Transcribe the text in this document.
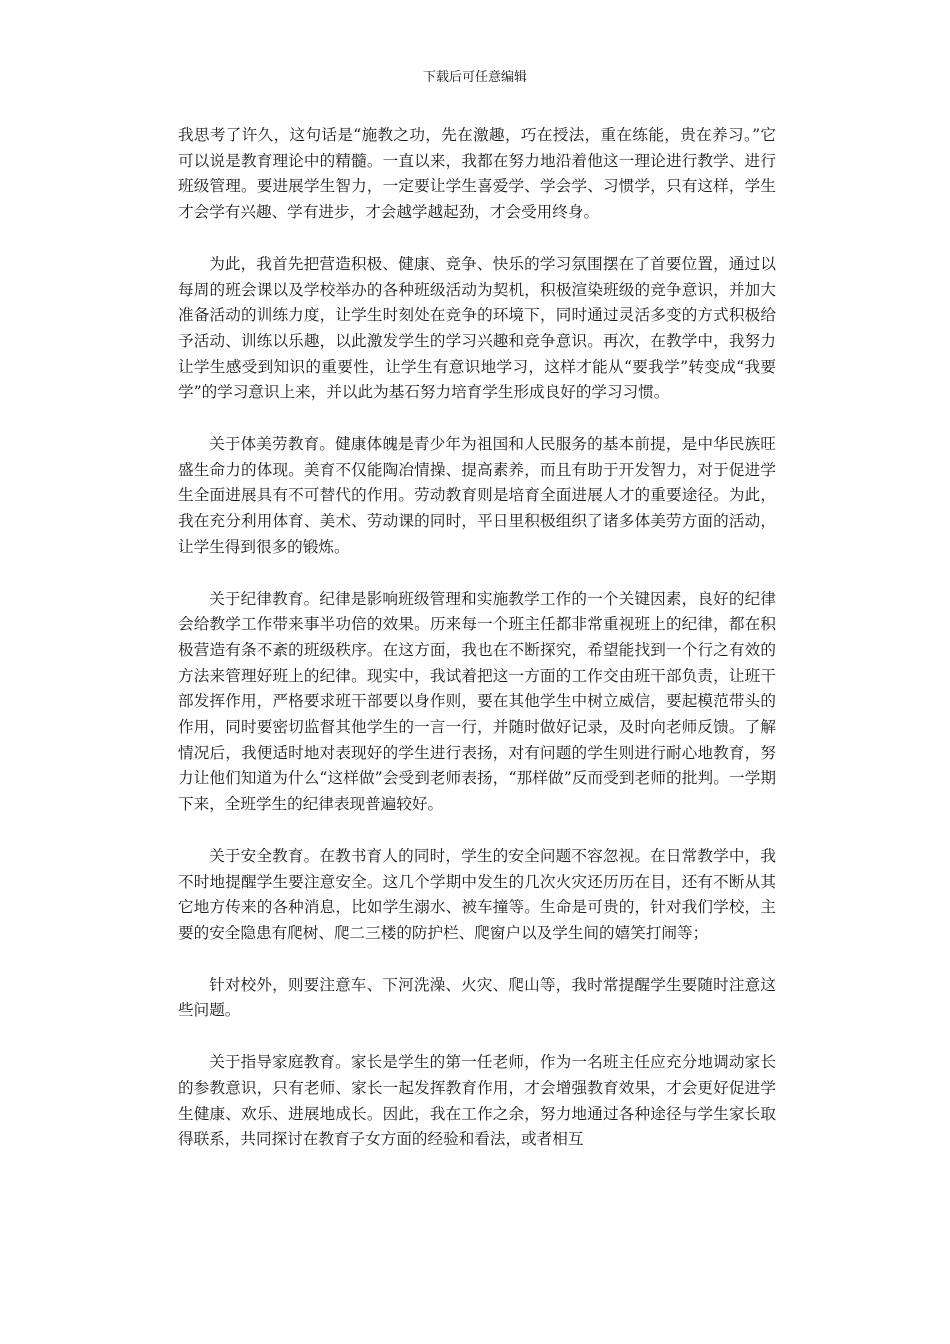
下载后可任意编辑

我思考了许久，这句话是“施教之功，先在激趣，巧在授法，重在练能，贵在养习。”它可以说是教育理论中的精髓。一直以来，我都在努力地沿着他这一理论进行教学、进行班级管理。要进展学生智力，一定要让学生喜爱学、学会学、习惯学，只有这样，学生才会学有兴趣、学有进步，才会越学越起劲，才会受用终身。

为此，我首先把营造积极、健康、竞争、快乐的学习氛围摆在了首要位置，通过以每周的班会课以及学校举办的各种班级活动为契机，积极渲染班级的竞争意识，并加大准备活动的训练力度，让学生时刻处在竞争的环境下，同时通过灵活多变的方式积极给予活动、训练以乐趣，以此激发学生的学习兴趣和竞争意识。再次，在教学中，我努力让学生感受到知识的重要性，让学生有意识地学习，这样才能从“要我学”转变成“我要学”的学习意识上来，并以此为基石努力培育学生形成良好的学习习惯。

关于体美劳教育。健康体魄是青少年为祖国和人民服务的基本前提，是中华民族旺盛生命力的体现。美育不仅能陶冶情操、提高素养，而且有助于开发智力，对于促进学生全面进展具有不可替代的作用。劳动教育则是培育全面进展人才的重要途径。为此，我在充分利用体育、美术、劳动课的同时，平日里积极组织了诸多体美劳方面的活动，让学生得到很多的锻炼。

关于纪律教育。纪律是影响班级管理和实施教学工作的一个关键因素，良好的纪律会给教学工作带来事半功倍的效果。历来每一个班主任都非常重视班上的纪律，都在积极营造有条不紊的班级秩序。在这方面，我也在不断探究，希望能找到一个行之有效的方法来管理好班上的纪律。现实中，我试着把这一方面的工作交由班干部负责，让班干部发挥作用，严格要求班干部要以身作则，要在其他学生中树立威信，要起模范带头的作用，同时要密切监督其他学生的一言一行，并随时做好记录，及时向老师反馈。了解情况后，我便适时地对表现好的学生进行表扬，对有问题的学生则进行耐心地教育，努力让他们知道为什么“这样做”会受到老师表扬，“那样做”反而受到老师的批判。一学期下来，全班学生的纪律表现普遍较好。

关于安全教育。在教书育人的同时，学生的安全问题不容忽视。在日常教学中，我不时地提醒学生要注意安全。这几个学期中发生的几次火灾还历历在目，还有不断从其它地方传来的各种消息，比如学生溺水、被车撞等。生命是可贵的，针对我们学校，主要的安全隐患有爬树、爬二三楼的防护栏、爬窗户以及学生间的嬉笑打闹等；

针对校外，则要注意车、下河洗澡、火灾、爬山等，我时常提醒学生要随时注意这些问题。

关于指导家庭教育。家长是学生的第一任老师，作为一名班主任应充分地调动家长的参教意识，只有老师、家长一起发挥教育作用，才会增强教育效果，才会更好促进学生健康、欢乐、进展地成长。因此，我在工作之余，努力地通过各种途径与学生家长取得联系，共同探讨在教育子女方面的经验和看法，或者相互
